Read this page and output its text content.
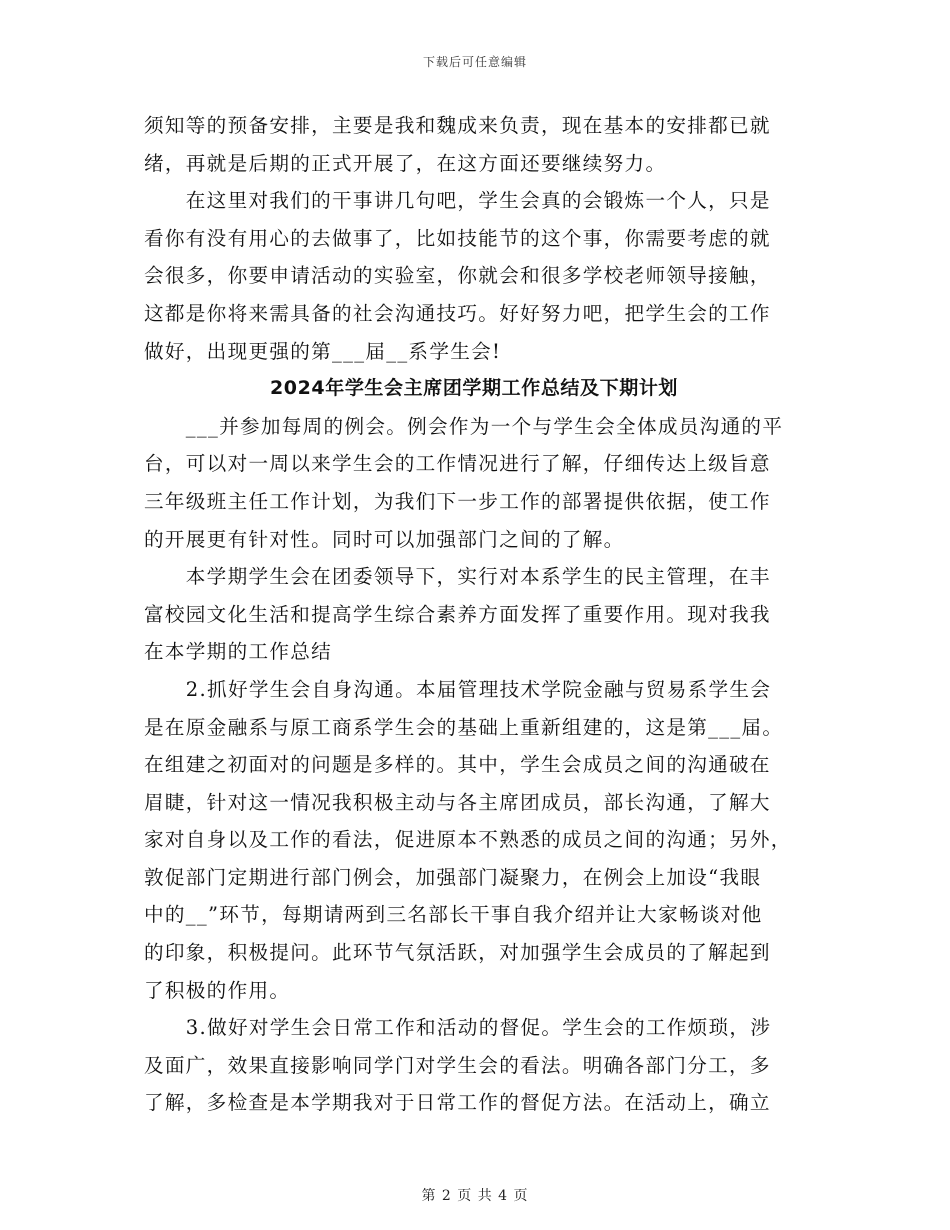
下载后可任意编辑
须知等的预备安排，主要是我和魏成来负责，现在基本的安排都已就
绪，再就是后期的正式开展了，在这方面还要继续努力。
　　在这里对我们的干事讲几句吧，学生会真的会锻炼一个人，只是
看你有没有用心的去做事了，比如技能节的这个事，你需要考虑的就
会很多，你要申请活动的实验室，你就会和很多学校老师领导接触，
这都是你将来需具备的社会沟通技巧。好好努力吧，把学生会的工作
做好，出现更强的第___届__系学生会!
2024年学生会主席团学期工作总结及下期计划
　　___并参加每周的例会。例会作为一个与学生会全体成员沟通的平
台，可以对一周以来学生会的工作情况进行了解，仔细传达上级旨意
三年级班主任工作计划，为我们下一步工作的部署提供依据，使工作
的开展更有针对性。同时可以加强部门之间的了解。
　　本学期学生会在团委领导下，实行对本系学生的民主管理，在丰
富校园文化生活和提高学生综合素养方面发挥了重要作用。现对我我
在本学期的工作总结
　　2.抓好学生会自身沟通。本届管理技术学院金融与贸易系学生会
是在原金融系与原工商系学生会的基础上重新组建的，这是第___届。
在组建之初面对的问题是多样的。其中，学生会成员之间的沟通破在
眉睫，针对这一情况我积极主动与各主席团成员，部长沟通，了解大
家对自身以及工作的看法，促进原本不熟悉的成员之间的沟通；另外，
敦促部门定期进行部门例会，加强部门凝聚力，在例会上加设“我眼
中的__”环节，每期请两到三名部长干事自我介绍并让大家畅谈对他
的印象，积极提问。此环节气氛活跃，对加强学生会成员的了解起到
了积极的作用。
　　3.做好对学生会日常工作和活动的督促。学生会的工作烦琐，涉
及面广，效果直接影响同学门对学生会的看法。明确各部门分工，多
了解，多检查是本学期我对于日常工作的督促方法。在活动上，确立
第 2 页 共 4 页
